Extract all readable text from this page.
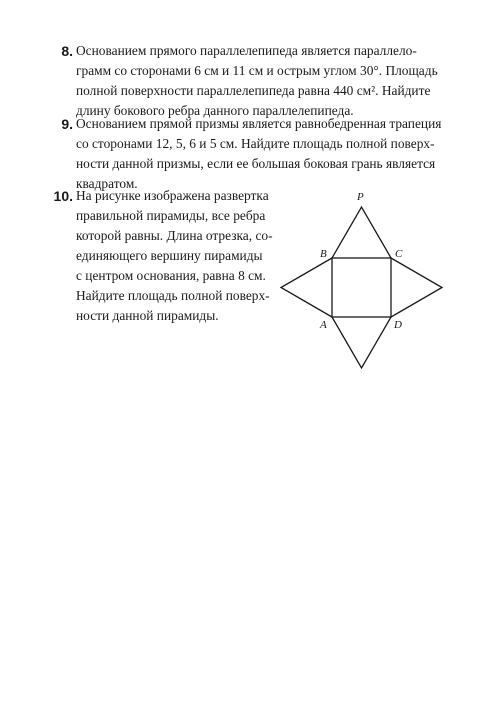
8. Основанием прямого параллелепипеда является параллело-
грамм со сторонами 6 см и 11 см и острым углом 30°. Площадь
полной поверхности параллелепипеда равна 440 см². Найдите
длину бокового ребра данного параллелепипеда.
9. Основанием прямой призмы является равнобедренная трапеция
со сторонами 12, 5, 6 и 5 см. Найдите площадь полной поверх-
ности данной призмы, если ее большая боковая грань является
квадратом.
10. На рисунке изображена развертка
правильной пирамиды, все ребра
которой равны. Длина отрезка, со-
единяющего вершину пирамиды
с центром основания, равна 8 см.
Найдите площадь полной поверх-
ности данной пирамиды.
P
B	C
A	D
